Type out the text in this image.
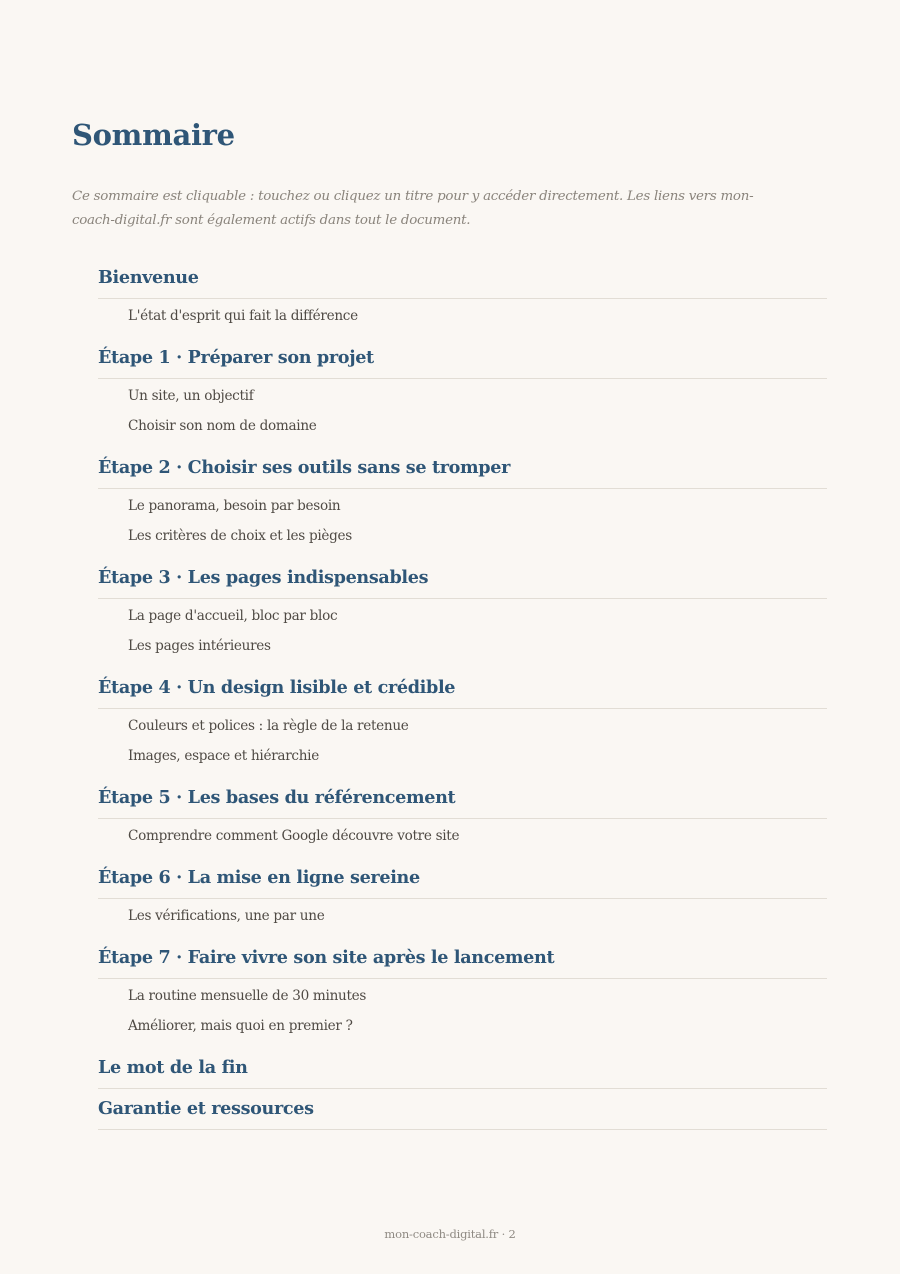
Sommaire

Ce sommaire est cliquable : touchez ou cliquez un titre pour y accéder directement. Les liens vers mon-coach-digital.fr sont également actifs dans tout le document.

Bienvenue
L'état d'esprit qui fait la différence
Étape 1 · Préparer son projet
Un site, un objectif
Choisir son nom de domaine
Étape 2 · Choisir ses outils sans se tromper
Le panorama, besoin par besoin
Les critères de choix et les pièges
Étape 3 · Les pages indispensables
La page d'accueil, bloc par bloc
Les pages intérieures
Étape 4 · Un design lisible et crédible
Couleurs et polices : la règle de la retenue
Images, espace et hiérarchie
Étape 5 · Les bases du référencement
Comprendre comment Google découvre votre site
Étape 6 · La mise en ligne sereine
Les vérifications, une par une
Étape 7 · Faire vivre son site après le lancement
La routine mensuelle de 30 minutes
Améliorer, mais quoi en premier ?
Le mot de la fin
Garantie et ressources
mon-coach-digital.fr · 2
